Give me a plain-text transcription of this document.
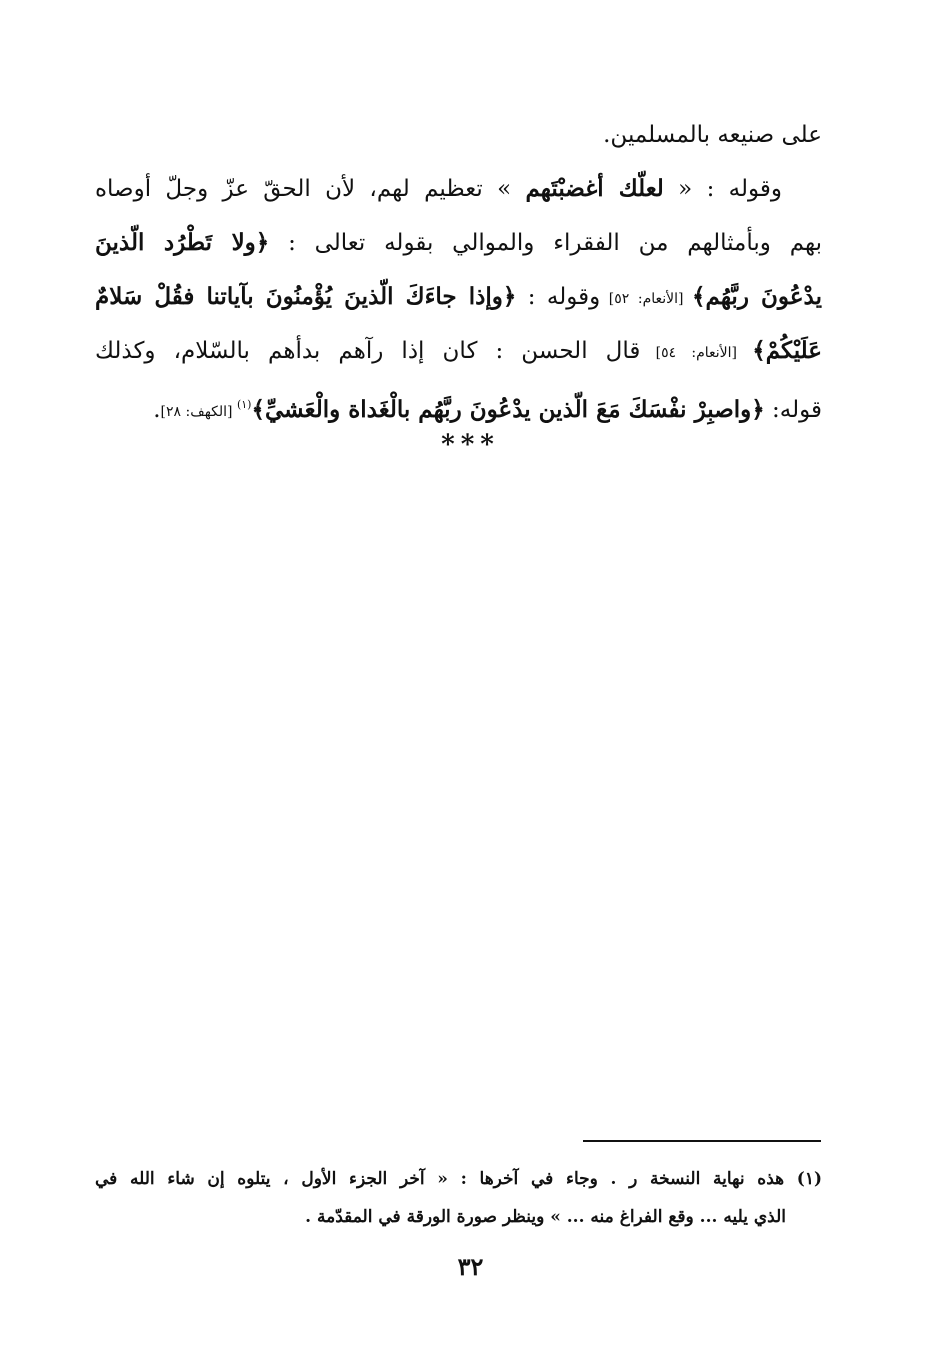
على صنيعه بالمسلمين.
وقوله : « لعلّك أغضبْتَهم » تعظيم لهم، لأن الحقّ عزّ وجلّ أوصاه
بهم وبأمثالهم من الفقراء والموالي بقوله تعالى : ﴿ولا تَطْرُد الّذينَ
يدْعُونَ ربَّهُم﴾ [الأنعام: ٥٢] وقوله : ﴿وإذا جاءَكَ الّذينَ يُؤْمنُونَ بآياتنا فقُلْ سَلامٌ
عَلَيْكُمْ﴾ [الأنعام: ٥٤] قال الحسن : كان إذا رآهم بدأهم بالسّلام، وكذلك
قوله: ﴿واصبِرْ نفْسَكَ مَعَ الّذين يدْعُونَ ربَّهُم بالْغَداة والْعَشيِّ﴾$^{(١)}$ [الكهف: ٢٨].
***
(١) هذه نهاية النسخة ر . وجاء في آخرها : « آخر الجزء الأول ، يتلوه إن شاء الله في
الذي يليه ... وقع الفراغ منه ... » وينظر صورة الورقة في المقدّمة .
٣٢
